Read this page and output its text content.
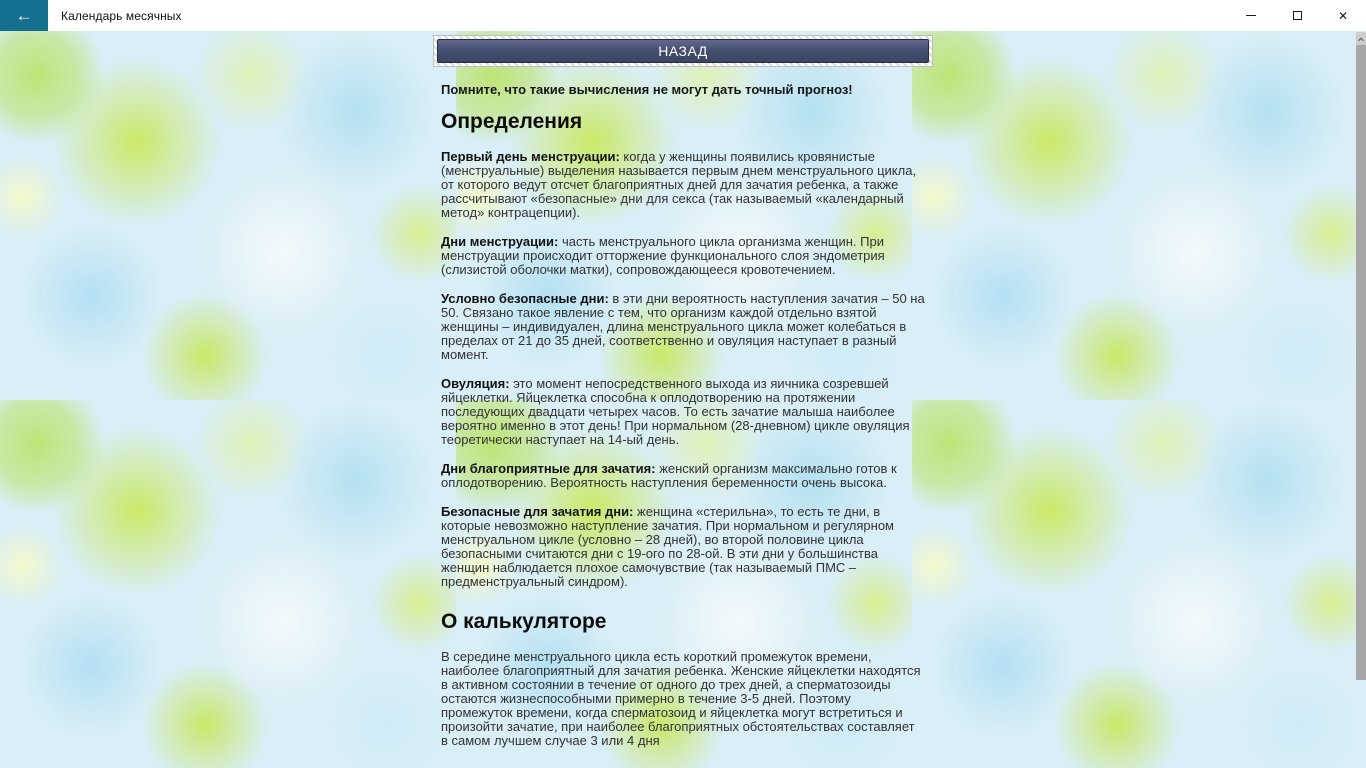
←	Календарь месячных	✕
НАЗАД

Помните, что такие вычисления не могут дать точный прогноз!

Определения

Первый день менструации: когда у женщины появились кровянистые (менструальные) выделения называется первым днем менструального цикла, от которого ведут отсчет благоприятных дней для зачатия ребенка, а также рассчитывают «безопасные» дни для секса (так называемый «календарный метод» контрацепции).

Дни менструации: часть менструального цикла организма женщин. При менструации происходит отторжение функционального слоя эндометрия (слизистой оболочки матки), сопровождающееся кровотечением.

Условно безопасные дни: в эти дни вероятность наступления зачатия – 50 на 50. Связано такое явление с тем, что организм каждой отдельно взятой женщины – индивидуален, длина менструального цикла может колебаться в пределах от 21 до 35 дней, соответственно и овуляция наступает в разный момент.

Овуляция: это момент непосредственного выхода из яичника созревшей яйцеклетки. Яйцеклетка способна к оплодотворению на протяжении последующих двадцати четырех часов. То есть зачатие малыша наиболее вероятно именно в этот день! При нормальном (28-дневном) цикле овуляция теоретически наступает на 14-ый день.

Дни благоприятные для зачатия: женский организм максимально готов к оплодотворению. Вероятность наступления беременности очень высока.

Безопасные для зачатия дни: женщина «стерильна», то есть те дни, в которые невозможно наступление зачатия. При нормальном и регулярном менструальном цикле (условно – 28 дней), во второй половине цикла безопасными считаются дни с 19-ого по 28-ой. В эти дни у большинства женщин наблюдается плохое самочувствие (так называемый ПМС – предменструальный синдром).

О калькуляторе

В середине менструального цикла есть короткий промежуток времени, наиболее благоприятный для зачатия ребенка. Женские яйцеклетки находятся в активном состоянии в течение от одного до трех дней, а сперматозоиды остаются жизнеспособными примерно в течение 3-5 дней. Поэтому промежуток времени, когда сперматозоид и яйцеклетка могут встретиться и произойти зачатие, при наиболее благоприятных обстоятельствах составляет в самом лучшем случае 3 или 4 дня
